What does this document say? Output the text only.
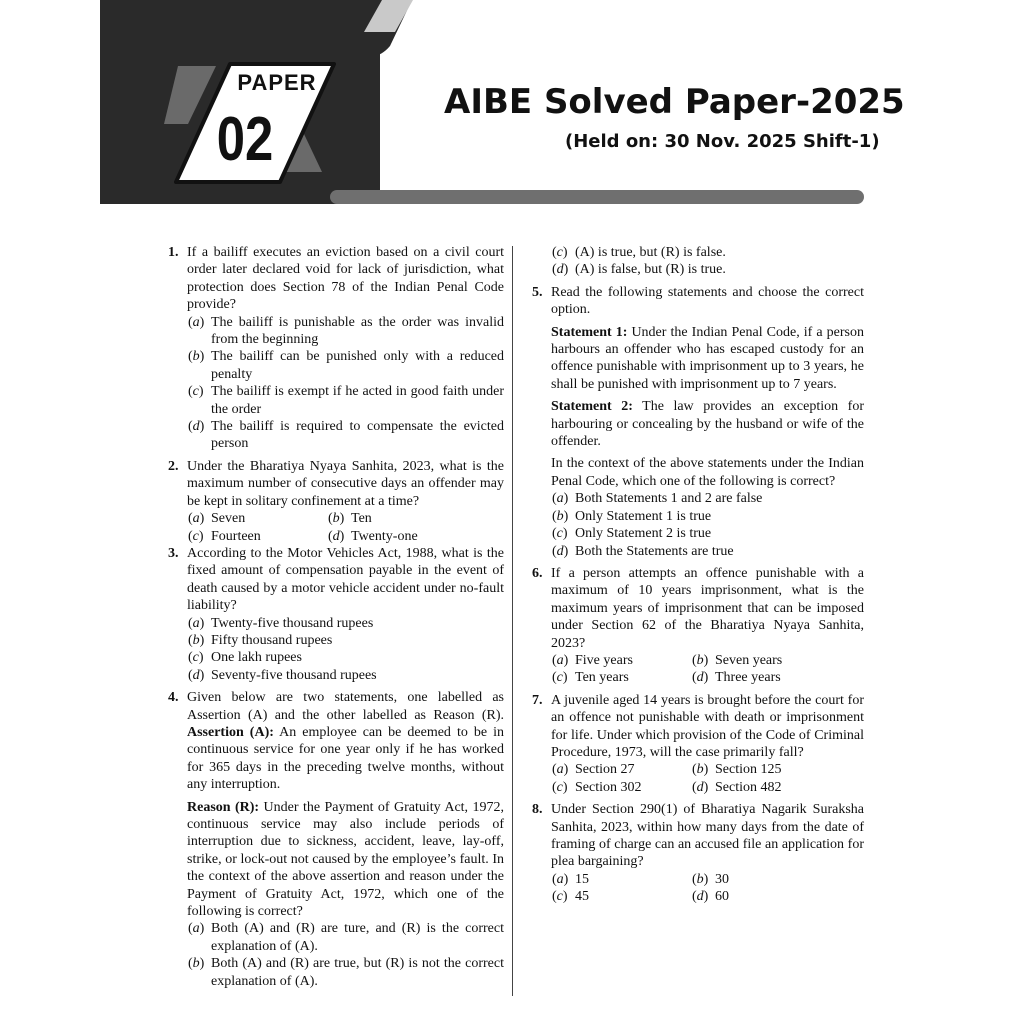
PAPER
02
AIBE Solved Paper-2025
(Held on: 30 Nov. 2025 Shift-1)
1. If a bailiff executes an eviction based on a civil court order later declared void for lack of jurisdiction, what protection does Section 78 of the Indian Penal Code provide?
(a) The bailiff is punishable as the order was invalid from the beginning
(b) The bailiff can be punished only with a reduced penalty
(c) The bailiff is exempt if he acted in good faith under the order
(d) The bailiff is required to compensate the evicted person
2. Under the Bharatiya Nyaya Sanhita, 2023, what is the maximum number of consecutive days an offender may be kept in solitary confinement at a time?
(a) Seven	(b) Ten
(c) Fourteen	(d) Twenty-one
3. According to the Motor Vehicles Act, 1988, what is the fixed amount of compensation payable in the event of death caused by a motor vehicle accident under no-fault liability?
(a) Twenty-five thousand rupees
(b) Fifty thousand rupees
(c) One lakh rupees
(d) Seventy-five thousand rupees
4. Given below are two statements, one labelled as Assertion (A) and the other labelled as Reason (R). Assertion (A): An employee can be deemed to be in continuous service for one year only if he has worked for 365 days in the preceding twelve months, without any interruption.
Reason (R): Under the Payment of Gratuity Act, 1972, continuous service may also include periods of interruption due to sickness, accident, leave, lay-off, strike, or lock-out not caused by the employee’s fault. In the context of the above assertion and reason under the Payment of Gratuity Act, 1972, which one of the following is correct?
(a) Both (A) and (R) are ture, and (R) is the correct explanation of (A).
(b) Both (A) and (R) are true, but (R) is not the correct explanation of (A).
(c) (A) is true, but (R) is false.
(d) (A) is false, but (R) is true.
5. Read the following statements and choose the correct option.
Statement 1: Under the Indian Penal Code, if a person harbours an offender who has escaped custody for an offence punishable with imprisonment up to 3 years, he shall be punished with imprisonment up to 7 years.
Statement 2: The law provides an exception for harbouring or concealing by the husband or wife of the offender.
In the context of the above statements under the Indian Penal Code, which one of the following is correct?
(a) Both Statements 1 and 2 are false
(b) Only Statement 1 is true
(c) Only Statement 2 is true
(d) Both the Statements are true
6. If a person attempts an offence punishable with a maximum of 10 years imprisonment, what is the maximum years of imprisonment that can be imposed under Section 62 of the Bharatiya Nyaya Sanhita, 2023?
(a) Five years	(b) Seven years
(c) Ten years	(d) Three years
7. A juvenile aged 14 years is brought before the court for an offence not punishable with death or imprisonment for life. Under which provision of the Code of Criminal Procedure, 1973, will the case primarily fall?
(a) Section 27	(b) Section 125
(c) Section 302	(d) Section 482
8. Under Section 290(1) of Bharatiya Nagarik Suraksha Sanhita, 2023, within how many days from the date of framing of charge can an accused file an application for plea bargaining?
(a) 15	(b) 30
(c) 45	(d) 60
